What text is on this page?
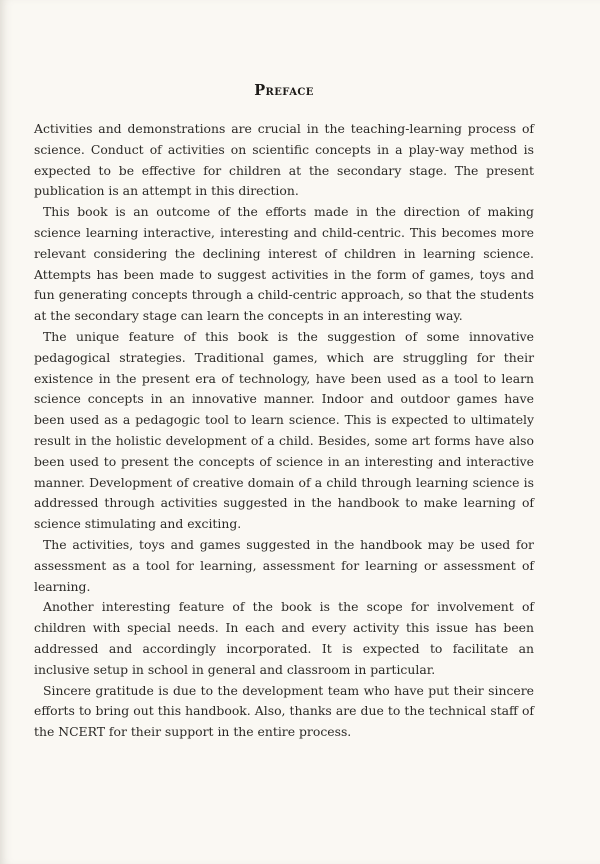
Preface

Activities and demonstrations are crucial in the teaching-learning process of science. Conduct of activities on scientific concepts in a play-way method is expected to be effective for children at the secondary stage. The present publication is an attempt in this direction.

This book is an outcome of the efforts made in the direction of making science learning interactive, interesting and child-centric. This becomes more relevant considering the declining interest of children in learning science. Attempts has been made to suggest activities in the form of games, toys and fun generating concepts through a child-centric approach, so that the students at the secondary stage can learn the concepts in an interesting way.

The unique feature of this book is the suggestion of some innovative pedagogical strategies. Traditional games, which are struggling for their existence in the present era of technology, have been used as a tool to learn science concepts in an innovative manner. Indoor and outdoor games have been used as a pedagogic tool to learn science. This is expected to ultimately result in the holistic development of a child. Besides, some art forms have also been used to present the concepts of science in an interesting and interactive manner. Development of creative domain of a child through learning science is addressed through activities suggested in the handbook to make learning of science stimulating and exciting.

The activities, toys and games suggested in the handbook may be used for assessment as a tool for learning, assessment for learning or assessment of learning.

Another interesting feature of the book is the scope for involvement of children with special needs. In each and every activity this issue has been addressed and accordingly incorporated. It is expected to facilitate an inclusive setup in school in general and classroom in particular.

Sincere gratitude is due to the development team who have put their sincere efforts to bring out this handbook. Also, thanks are due to the technical staff of the NCERT for their support in the entire process.
